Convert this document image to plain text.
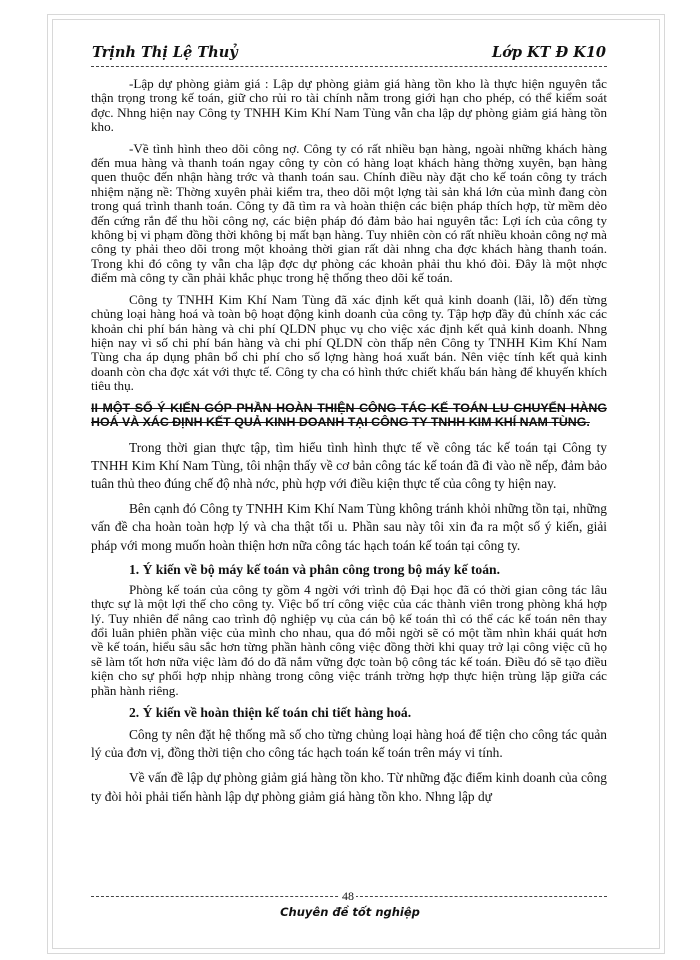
Trịnh Thị Lệ Thuỷ	Lớp KT Đ K10

-Lập dự phòng giảm giá : Lập dự phòng giảm giá hàng tồn kho là thực hiện nguyên tắc thận trọng trong kế toán, giữ cho rủi ro tài chính nằm trong giới hạn cho phép, có thể kiểm soát đợc. Nhng hiện nay Công ty TNHH Kim Khí Nam Tùng vẫn cha lập dự phòng giảm giá hàng tồn kho.

-Về tình hình theo dõi công nợ. Công ty có rất nhiều bạn hàng, ngoài những khách hàng đến mua hàng và thanh toán ngay công ty còn có hàng loạt khách hàng thờng xuyên, bạn hàng quen thuộc đến nhận hàng trớc và thanh toán sau. Chính điều này đặt cho kế toán công ty trách nhiệm nặng nề: Thờng xuyên phải kiểm tra, theo dõi một lợng tài sản khá lớn của mình đang còn trong quá trình thanh toán. Công ty đã tìm ra và hoàn thiện các biện pháp thích hợp, từ mềm dẻo đến cứng rắn để thu hồi công nợ, các biện pháp đó đảm bảo hai nguyên tắc: Lợi ích của công ty không bị vi phạm đồng thời không bị mất bạn hàng. Tuy nhiên còn có rất nhiều khoản công nợ mà công ty phải theo dõi trong một khoảng thời gian rất dài nhng cha đợc khách hàng thanh toán. Trong khi đó công ty vẫn cha lập đợc dự phòng các khoản phải thu khó đòi. Đây là một nhợc điểm mà công ty cần phải khắc phục trong hệ thống theo dõi kế toán.

Công ty TNHH Kim Khí Nam Tùng đã xác định kết quả kinh doanh (lãi, lỗ) đến từng chủng loại hàng hoá và toàn bộ hoạt động kinh doanh của công ty. Tập hợp đầy đủ chính xác các khoản chi phí bán hàng và chi phí QLDN phục vụ cho việc xác định kết quả kinh doanh. Nhng hiện nay vì số chi phí bán hàng và chi phí QLDN còn thấp nên Công ty TNHH Kim Khí Nam Tùng cha áp dụng phân bổ chi phí cho số lợng hàng hoá xuất bán. Nên việc tính kết quả kinh doanh còn cha đợc xát với thực tế. Công ty cha có hình thức chiết khấu bán hàng để khuyến khích tiêu thụ.

II MỘT SỐ Ý KIẾN GÓP PHẦN HOÀN THIỆN CÔNG TÁC KẾ TOÁN LU CHUYỂN HÀNG HOÁ VÀ XÁC ĐỊNH KẾT QUẢ KINH DOANH TẠI CÔNG TY TNHH KIM KHÍ NAM TÙNG.

Trong thời gian thực tập, tìm hiểu tình hình thực tế về công tác kế toán tại Công ty TNHH Kim Khí Nam Tùng, tôi nhận thấy về cơ bản công tác kế toán đã đi vào nề nếp, đảm bảo tuân thủ theo đúng chế độ nhà nớc, phù hợp với điều kiện thực tế của công ty hiện nay.

Bên cạnh đó Công ty TNHH Kim Khí Nam Tùng không tránh khỏi những tồn tại, những vấn đề cha hoàn toàn hợp lý và cha thật tối u. Phần sau này tôi xin đa ra một số ý kiến, giải pháp với mong muốn hoàn thiện hơn nữa công tác hạch toán kế toán tại công ty.

1. Ý kiến về bộ máy kế toán và phân công trong bộ máy kế toán.

Phòng kế toán của công ty gồm 4 ngời với trình độ Đại học đã có thời gian công tác lâu thực sự là một lợi thế cho công ty. Việc bố trí công việc của các thành viên trong phòng khá hợp lý. Tuy nhiên để nâng cao trình độ nghiệp vụ của cán bộ kế toán thì có thể các kế toán nên thay đổi luân phiên phần việc của mình cho nhau, qua đó mỗi ngời sẽ có một tầm nhìn khái quát hơn về kế toán, hiểu sâu sắc hơn từng phần hành công việc đồng thời khi quay trở lại công việc cũ họ sẽ làm tốt hơn nữa việc làm đó do đã nắm vững đợc toàn bộ công tác kế toán. Điều đó sẽ tạo điều kiện cho sự phối hợp nhịp nhàng trong công việc tránh trờng hợp thực hiện trùng lặp giữa các phần hành riêng.

2. Ý kiến về hoàn thiện kế toán chi tiết hàng hoá.

Công ty nên đặt hệ thống mã số cho từng chủng loại hàng hoá để tiện cho công tác quản lý của đơn vị, đồng thời tiện cho công tác hạch toán kế toán trên máy vi tính.

Về vấn đề lập dự phòng giảm giá hàng tồn kho. Từ những đặc điểm kinh doanh của công ty đòi hỏi phải tiến hành lập dự phòng giảm giá hàng tồn kho. Nhng lập dự

48
Chuyên đề tốt nghiệp
